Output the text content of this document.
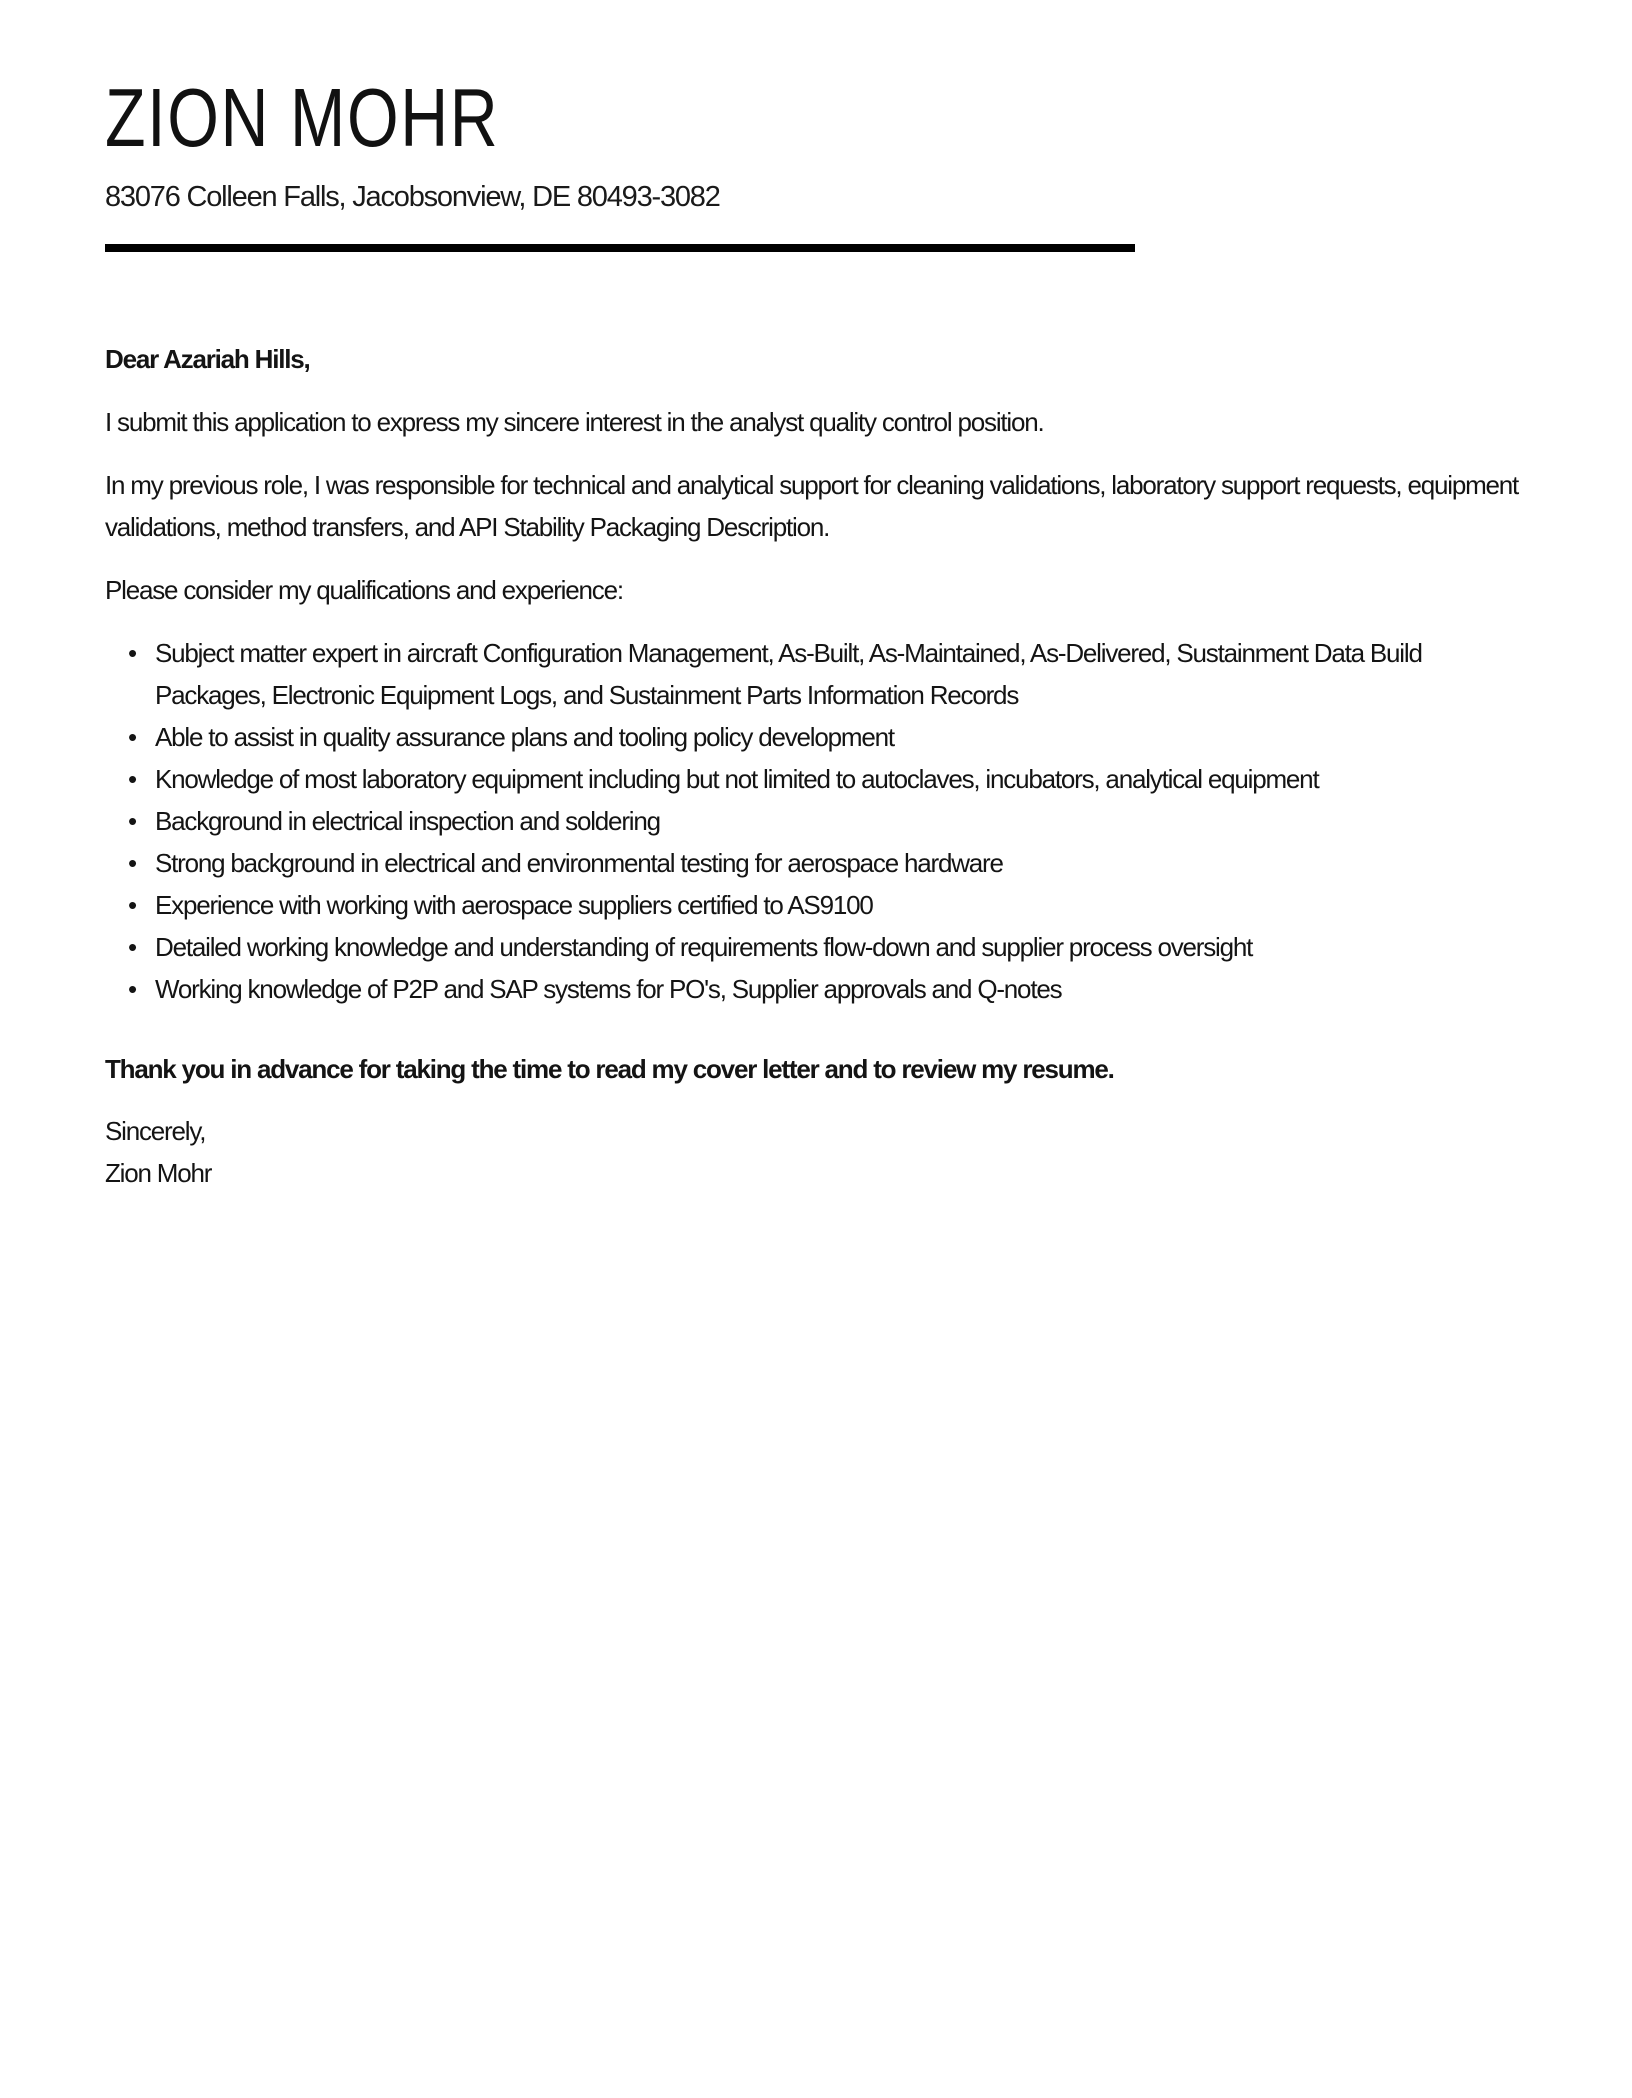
ZION MOHR
83076 Colleen Falls, Jacobsonview, DE 80493-3082

Dear Azariah Hills,

I submit this application to express my sincere interest in the analyst quality control position.

In my previous role, I was responsible for technical and analytical support for cleaning validations, laboratory support requests, equipment validations, method transfers, and API Stability Packaging Description.

Please consider my qualifications and experience:

• Subject matter expert in aircraft Configuration Management, As-Built, As-Maintained, As-Delivered, Sustainment Data Build Packages, Electronic Equipment Logs, and Sustainment Parts Information Records
• Able to assist in quality assurance plans and tooling policy development
• Knowledge of most laboratory equipment including but not limited to autoclaves, incubators, analytical equipment
• Background in electrical inspection and soldering
• Strong background in electrical and environmental testing for aerospace hardware
• Experience with working with aerospace suppliers certified to AS9100
• Detailed working knowledge and understanding of requirements flow-down and supplier process oversight
• Working knowledge of P2P and SAP systems for PO's, Supplier approvals and Q-notes

Thank you in advance for taking the time to read my cover letter and to review my resume.

Sincerely,
Zion Mohr
